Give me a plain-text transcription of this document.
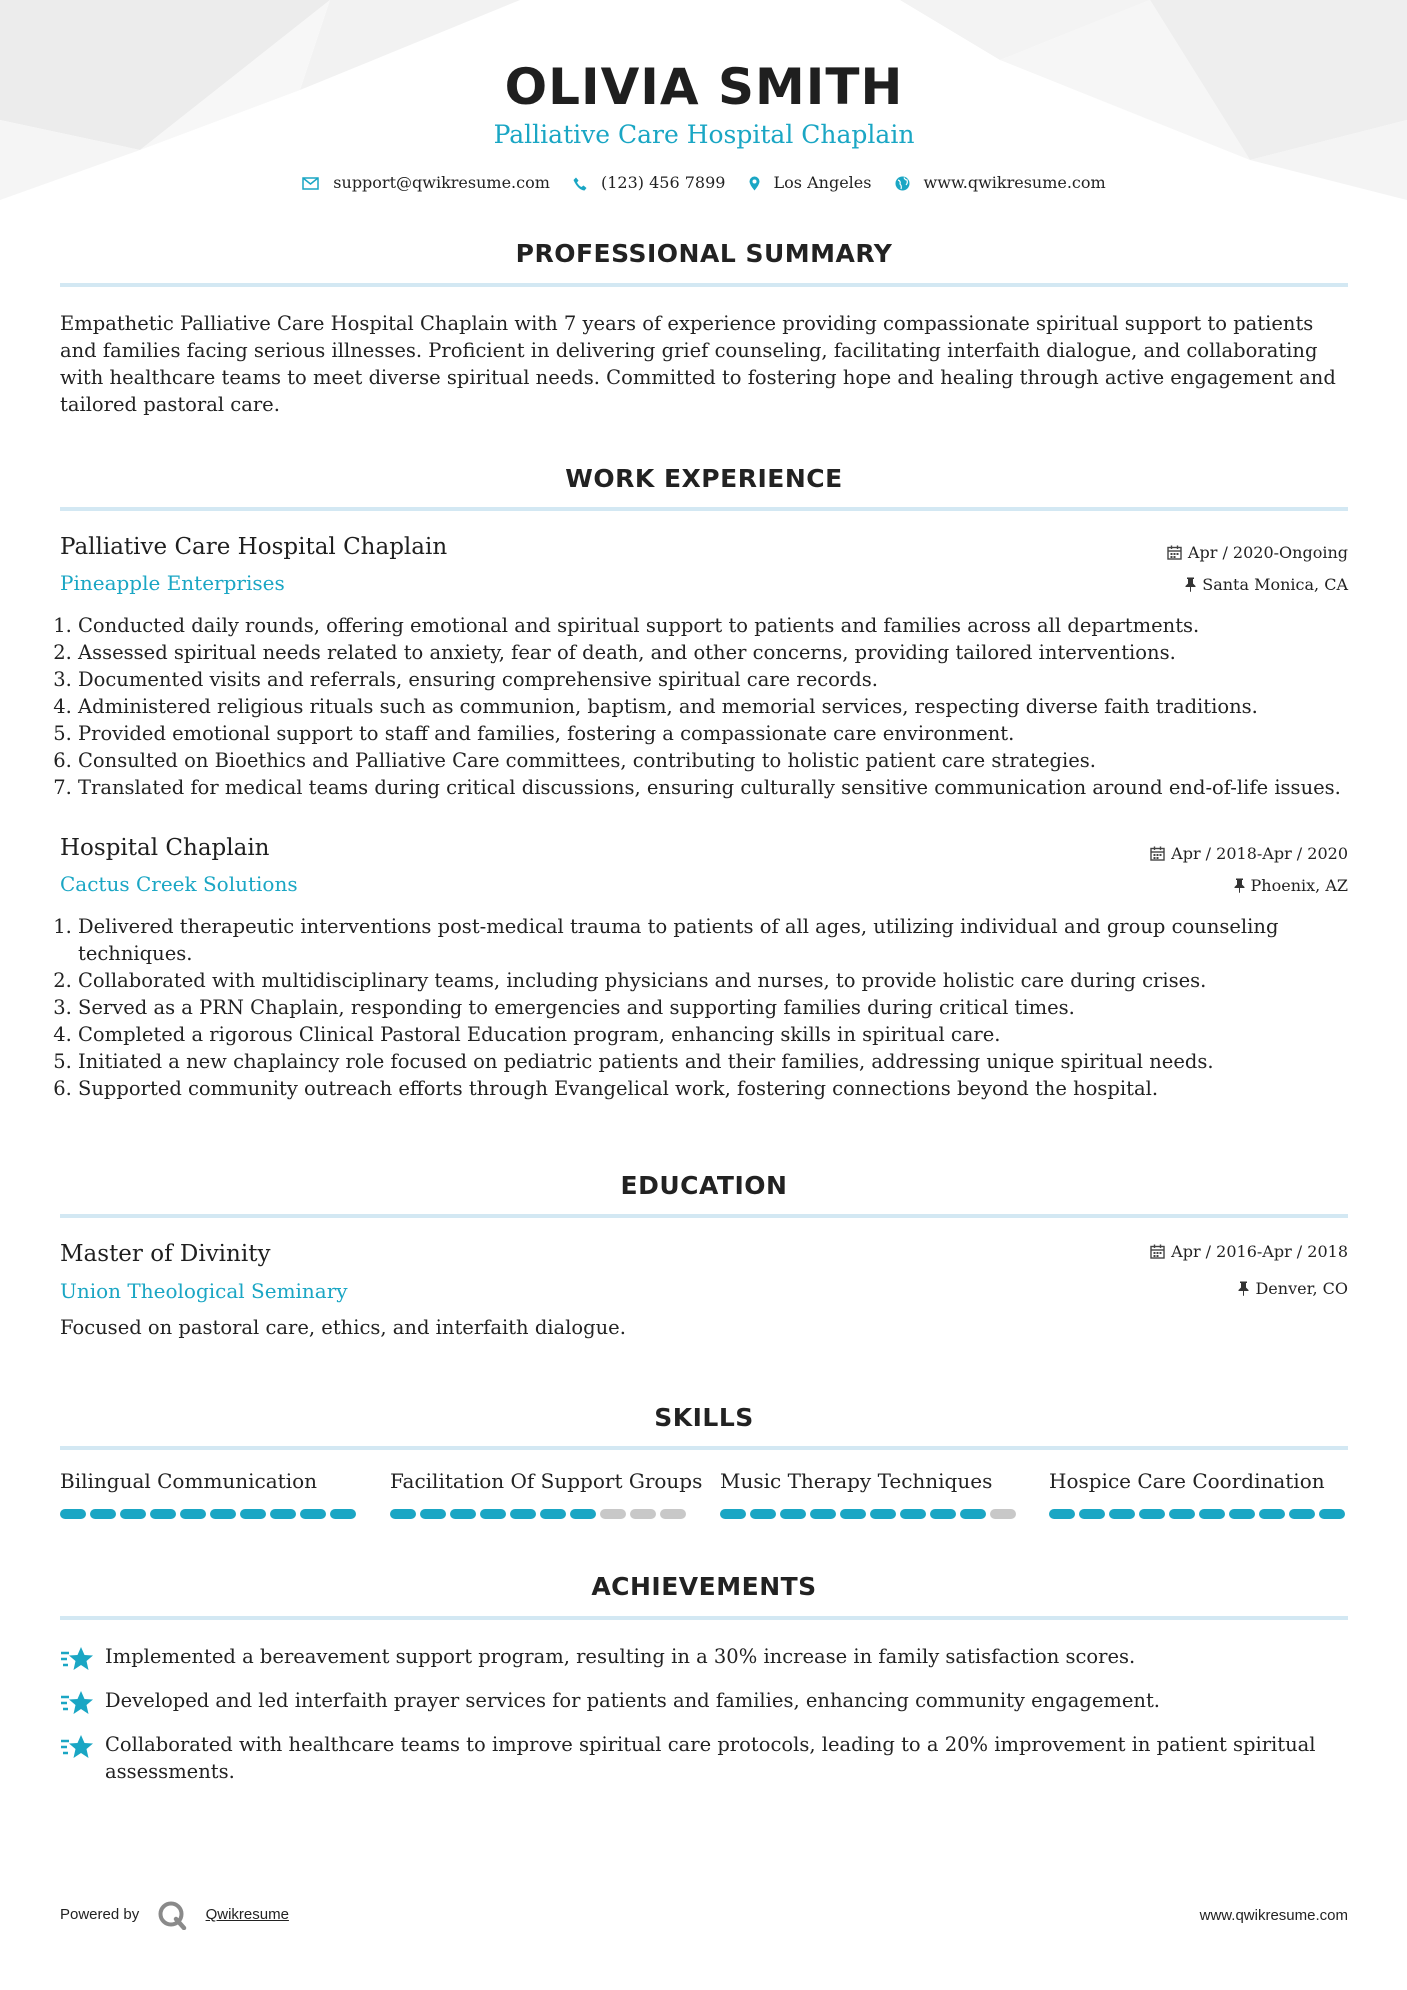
OLIVIA SMITH
Palliative Care Hospital Chaplain
support@qwikresume.com	(123) 456 7899	Los Angeles	www.qwikresume.com
PROFESSIONAL SUMMARY
Empathetic Palliative Care Hospital Chaplain with 7 years of experience providing compassionate spiritual support to patients and families facing serious illnesses. Proficient in delivering grief counseling, facilitating interfaith dialogue, and collaborating with healthcare teams to meet diverse spiritual needs. Committed to fostering hope and healing through active engagement and tailored pastoral care.
WORK EXPERIENCE
Palliative Care Hospital Chaplain
Pineapple Enterprises
Apr / 2020-Ongoing
Santa Monica, CA
1. Conducted daily rounds, offering emotional and spiritual support to patients and families across all departments.
2. Assessed spiritual needs related to anxiety, fear of death, and other concerns, providing tailored interventions.
3. Documented visits and referrals, ensuring comprehensive spiritual care records.
4. Administered religious rituals such as communion, baptism, and memorial services, respecting diverse faith traditions.
5. Provided emotional support to staff and families, fostering a compassionate care environment.
6. Consulted on Bioethics and Palliative Care committees, contributing to holistic patient care strategies.
7. Translated for medical teams during critical discussions, ensuring culturally sensitive communication around end-of-life issues.
Hospital Chaplain
Cactus Creek Solutions
Apr / 2018-Apr / 2020
Phoenix, AZ
1. Delivered therapeutic interventions post-medical trauma to patients of all ages, utilizing individual and group counseling techniques.
2. Collaborated with multidisciplinary teams, including physicians and nurses, to provide holistic care during crises.
3. Served as a PRN Chaplain, responding to emergencies and supporting families during critical times.
4. Completed a rigorous Clinical Pastoral Education program, enhancing skills in spiritual care.
5. Initiated a new chaplaincy role focused on pediatric patients and their families, addressing unique spiritual needs.
6. Supported community outreach efforts through Evangelical work, fostering connections beyond the hospital.
EDUCATION
Master of Divinity
Union Theological Seminary
Apr / 2016-Apr / 2018
Denver, CO
Focused on pastoral care, ethics, and interfaith dialogue.
SKILLS
Bilingual Communication	Facilitation Of Support Groups Music Therapy Techniques	Hospice Care Coordination
ACHIEVEMENTS
Implemented a bereavement support program, resulting in a 30% increase in family satisfaction scores.
Developed and led interfaith prayer services for patients and families, enhancing community engagement.
Collaborated with healthcare teams to improve spiritual care protocols, leading to a 20% improvement in patient spiritual assessments.
Powered by	Qwikresume	www.qwikresume.com
